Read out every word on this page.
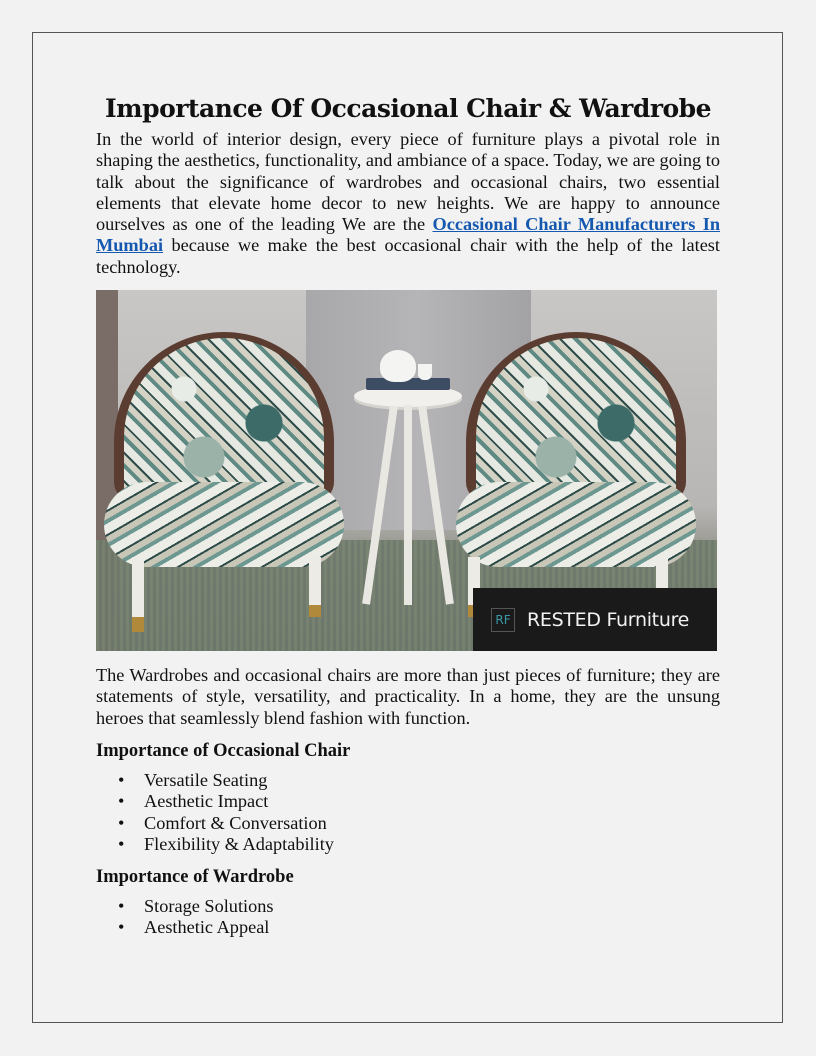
Importance Of Occasional Chair & Wardrobe

In the world of interior design, every piece of furniture plays a pivotal role in shaping the aesthetics, functionality, and ambiance of a space. Today, we are going to talk about the significance of wardrobes and occasional chairs, two essential elements that elevate home decor to new heights. We are happy to announce ourselves as one of the leading We are the Occasional Chair Manufacturers In Mumbai because we make the best occasional chair with the help of the latest technology.

RF RESTED Furniture

The Wardrobes and occasional chairs are more than just pieces of furniture; they are statements of style, versatility, and practicality. In a home, they are the unsung heroes that seamlessly blend fashion with function.

Importance of Occasional Chair
• Versatile Seating
• Aesthetic Impact
• Comfort & Conversation
• Flexibility & Adaptability
Importance of Wardrobe
• Storage Solutions
• Aesthetic Appeal
